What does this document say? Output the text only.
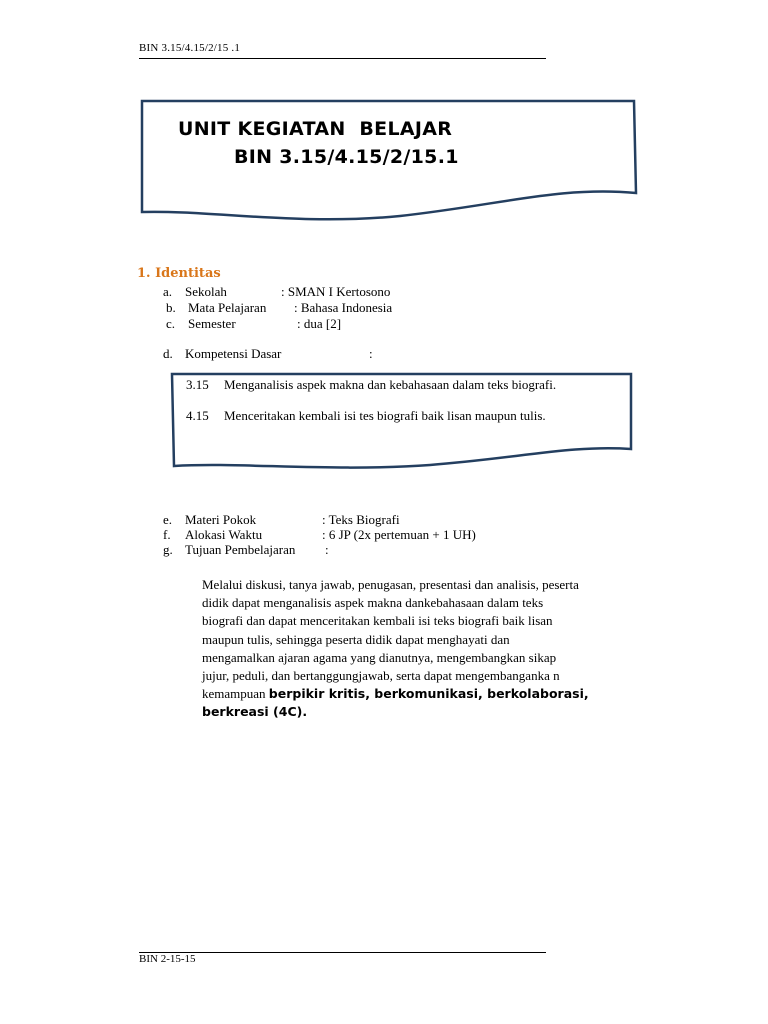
BIN 3.15/4.15/2/15 .1
UNIT KEGIATAN  BELAJAR
BIN 3.15/4.15/2/15.1
1. Identitas
a. Sekolah	: SMAN I Kertosono
b. Mata Pelajaran : Bahasa Indonesia
c. Semester	: dua [2]
d. Kompetensi Dasar	:
3.15 Menganalisis aspek makna dan kebahasaan dalam teks biografi.
4.15 Menceritakan kembali isi tes biografi baik lisan maupun tulis.
e. Materi Pokok	: Teks Biografi
f. Alokasi Waktu	: 6 JP (2x pertemuan + 1 UH)
g. Tujuan Pembelajaran :
Melalui diskusi, tanya jawab, penugasan, presentasi dan analisis, peserta
didik dapat menganalisis aspek makna dankebahasaan dalam teks
biografi dan dapat menceritakan kembali isi teks biografi baik lisan
maupun tulis, sehingga peserta didik dapat menghayati dan
mengamalkan ajaran agama yang dianutnya, mengembangkan sikap
jujur, peduli, dan bertanggungjawab, serta dapat mengembanganka n
kemampuan berpikir kritis, berkomunikasi, berkolaborasi,
berkreasi (4C).
BIN 2-15-15
